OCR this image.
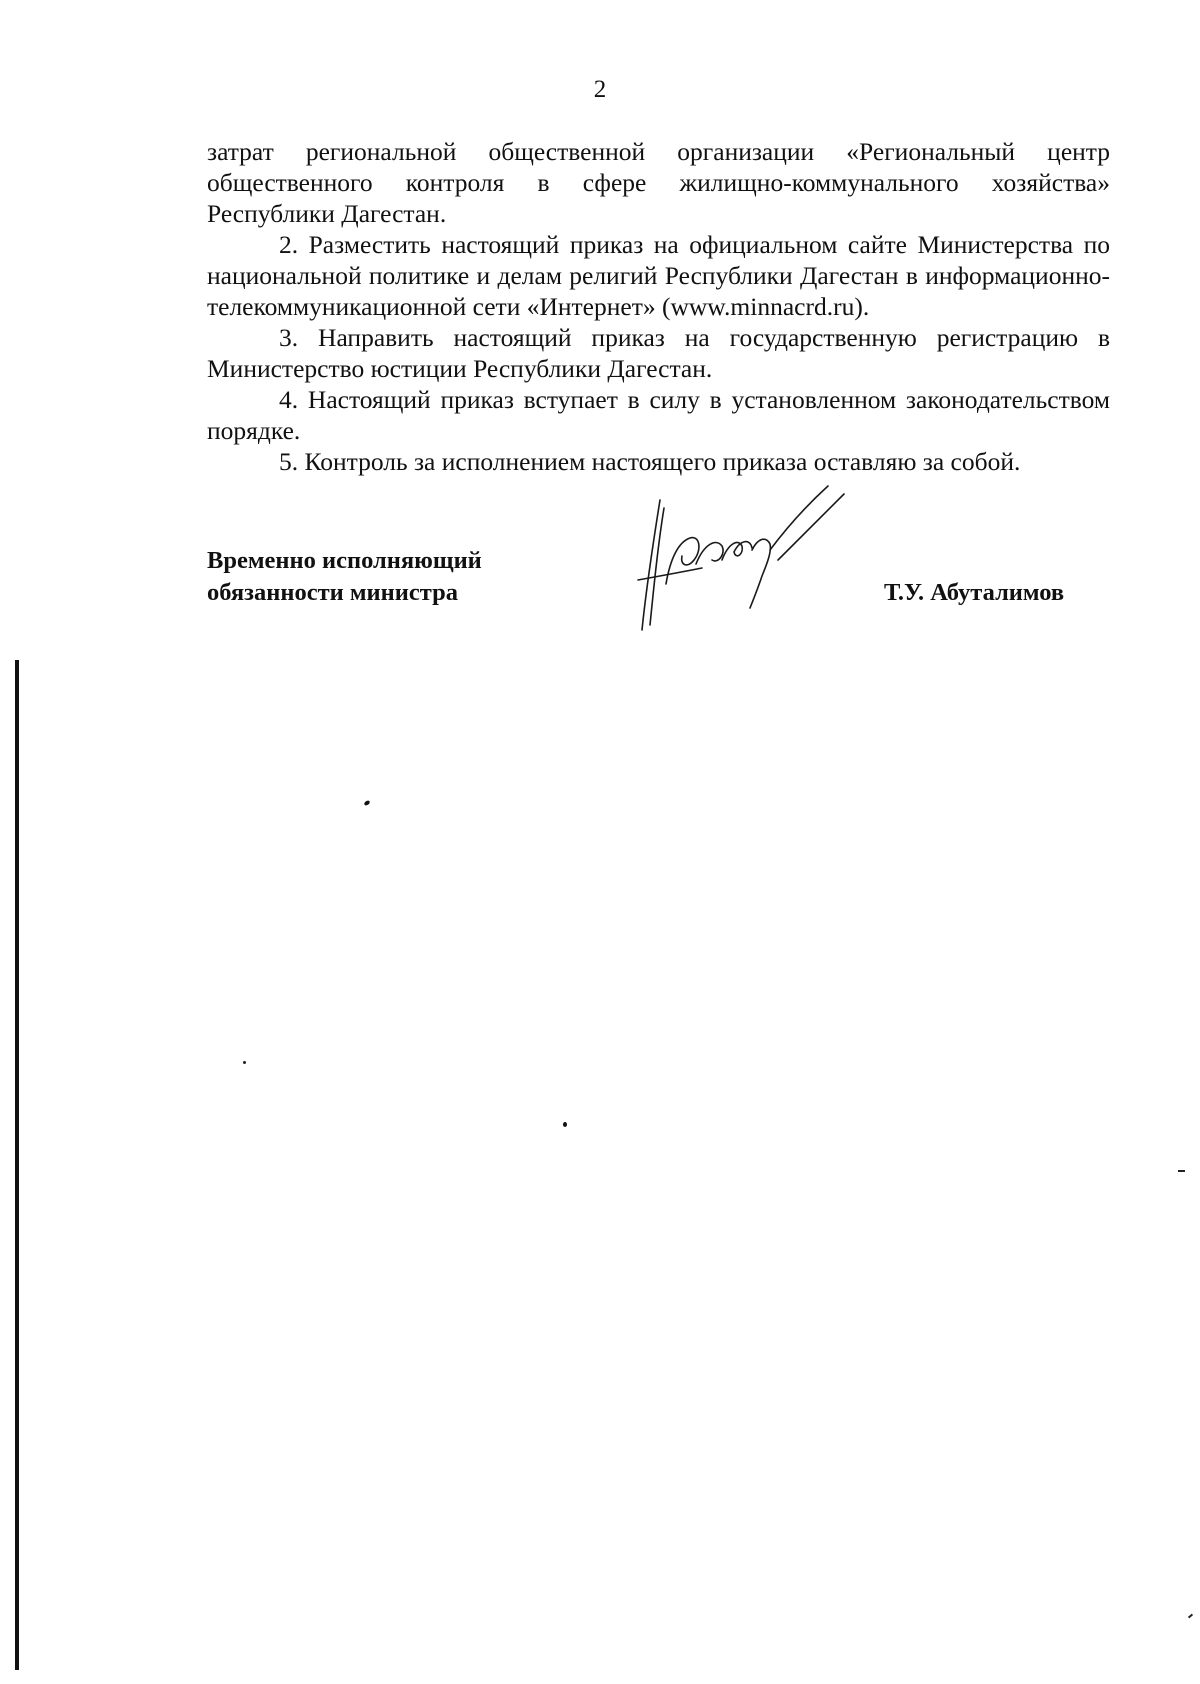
2

затрат региональной общественной организации «Региональный центр общественного контроля в сфере жилищно-коммунального хозяйства» Республики Дагестан.

2. Разместить настоящий приказ на официальном сайте Министерства по национальной политике и делам религий Республики Дагестан в информационно-телекоммуникационной сети «Интернет» (www.minnacrd.ru).

3. Направить настоящий приказ на государственную регистрацию в Министерство юстиции Республики Дагестан.

4. Настоящий приказ вступает в силу в установленном законодательством порядке.

5. Контроль за исполнением настоящего приказа оставляю за собой.

Временно исполняющий
обязанности министра	Т.У. Абуталимов
